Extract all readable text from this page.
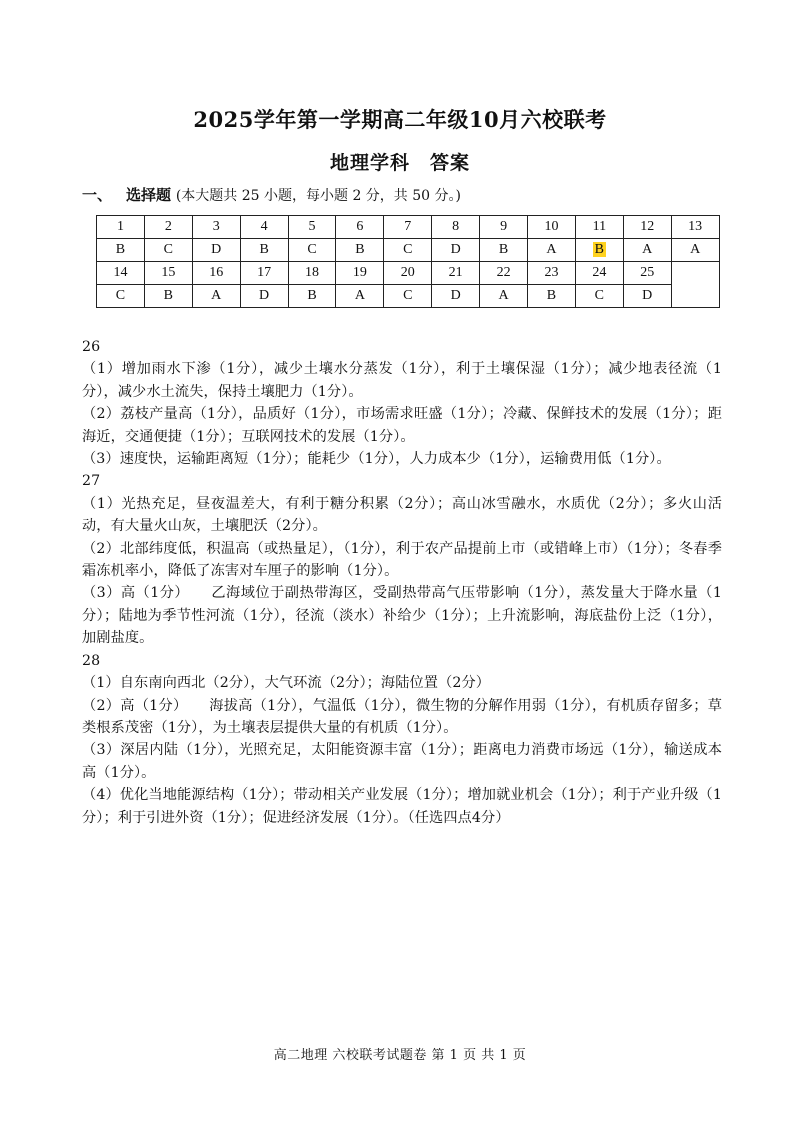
2025学年第一学期高二年级10月六校联考
地理学科　答案
一、 选择题 (本大题共 25 小题，每小题 2 分，共 50 分。)
1	2	3	4	5	6	7	8	9	10	11	12	13
B	C	D	B	C	B	C	D	B	A	B	A	A
14	15	16	17	18	19	20	21	22	23	24	25	
C	B	A	D	B	A	C	D	A	B	C	D	

26

（1）增加雨水下渗（1分），减少土壤水分蒸发（1分），利于土壤保湿（1分）；减少地表径流（1分），减少水土流失，保持土壤肥力（1分）。

（2）荔枝产量高（1分），品质好（1分），市场需求旺盛（1分）；冷藏、保鲜技术的发展（1分）；距海近，交通便捷（1分）；互联网技术的发展（1分）。

（3）速度快，运输距离短（1分）；能耗少（1分），人力成本少（1分），运输费用低（1分）。

27

（1）光热充足，昼夜温差大，有利于糖分积累（2分）；高山冰雪融水，水质优（2分）；多火山活动，有大量火山灰，土壤肥沃（2分）。

（2）北部纬度低，积温高（或热量足），（1分），利于农产品提前上市（或错峰上市）（1分）；冬春季霜冻机率小，降低了冻害对车厘子的影响（1分）。

（3）高（1分）　　乙海域位于副热带海区，受副热带高气压带影响（1分），蒸发量大于降水量（1分）；陆地为季节性河流（1分），径流（淡水）补给少（1分）；上升流影响，海底盐份上泛（1分），加剧盐度。

28

（1）自东南向西北（2分），大气环流（2分）；海陆位置（2分）

（2）高（1分）　　海拔高（1分），气温低（1分），微生物的分解作用弱（1分），有机质存留多；草类根系茂密（1分），为土壤表层提供大量的有机质（1分）。

（3）深居内陆（1分），光照充足，太阳能资源丰富（1分）；距离电力消费市场远（1分），输送成本高（1分）。

（4）优化当地能源结构（1分）；带动相关产业发展（1分）；增加就业机会（1分）；利于产业升级（1分）；利于引进外资（1分）；促进经济发展（1分）。（任选四点4分）

高二地理 六校联考试题卷 第 1 页 共 1 页
